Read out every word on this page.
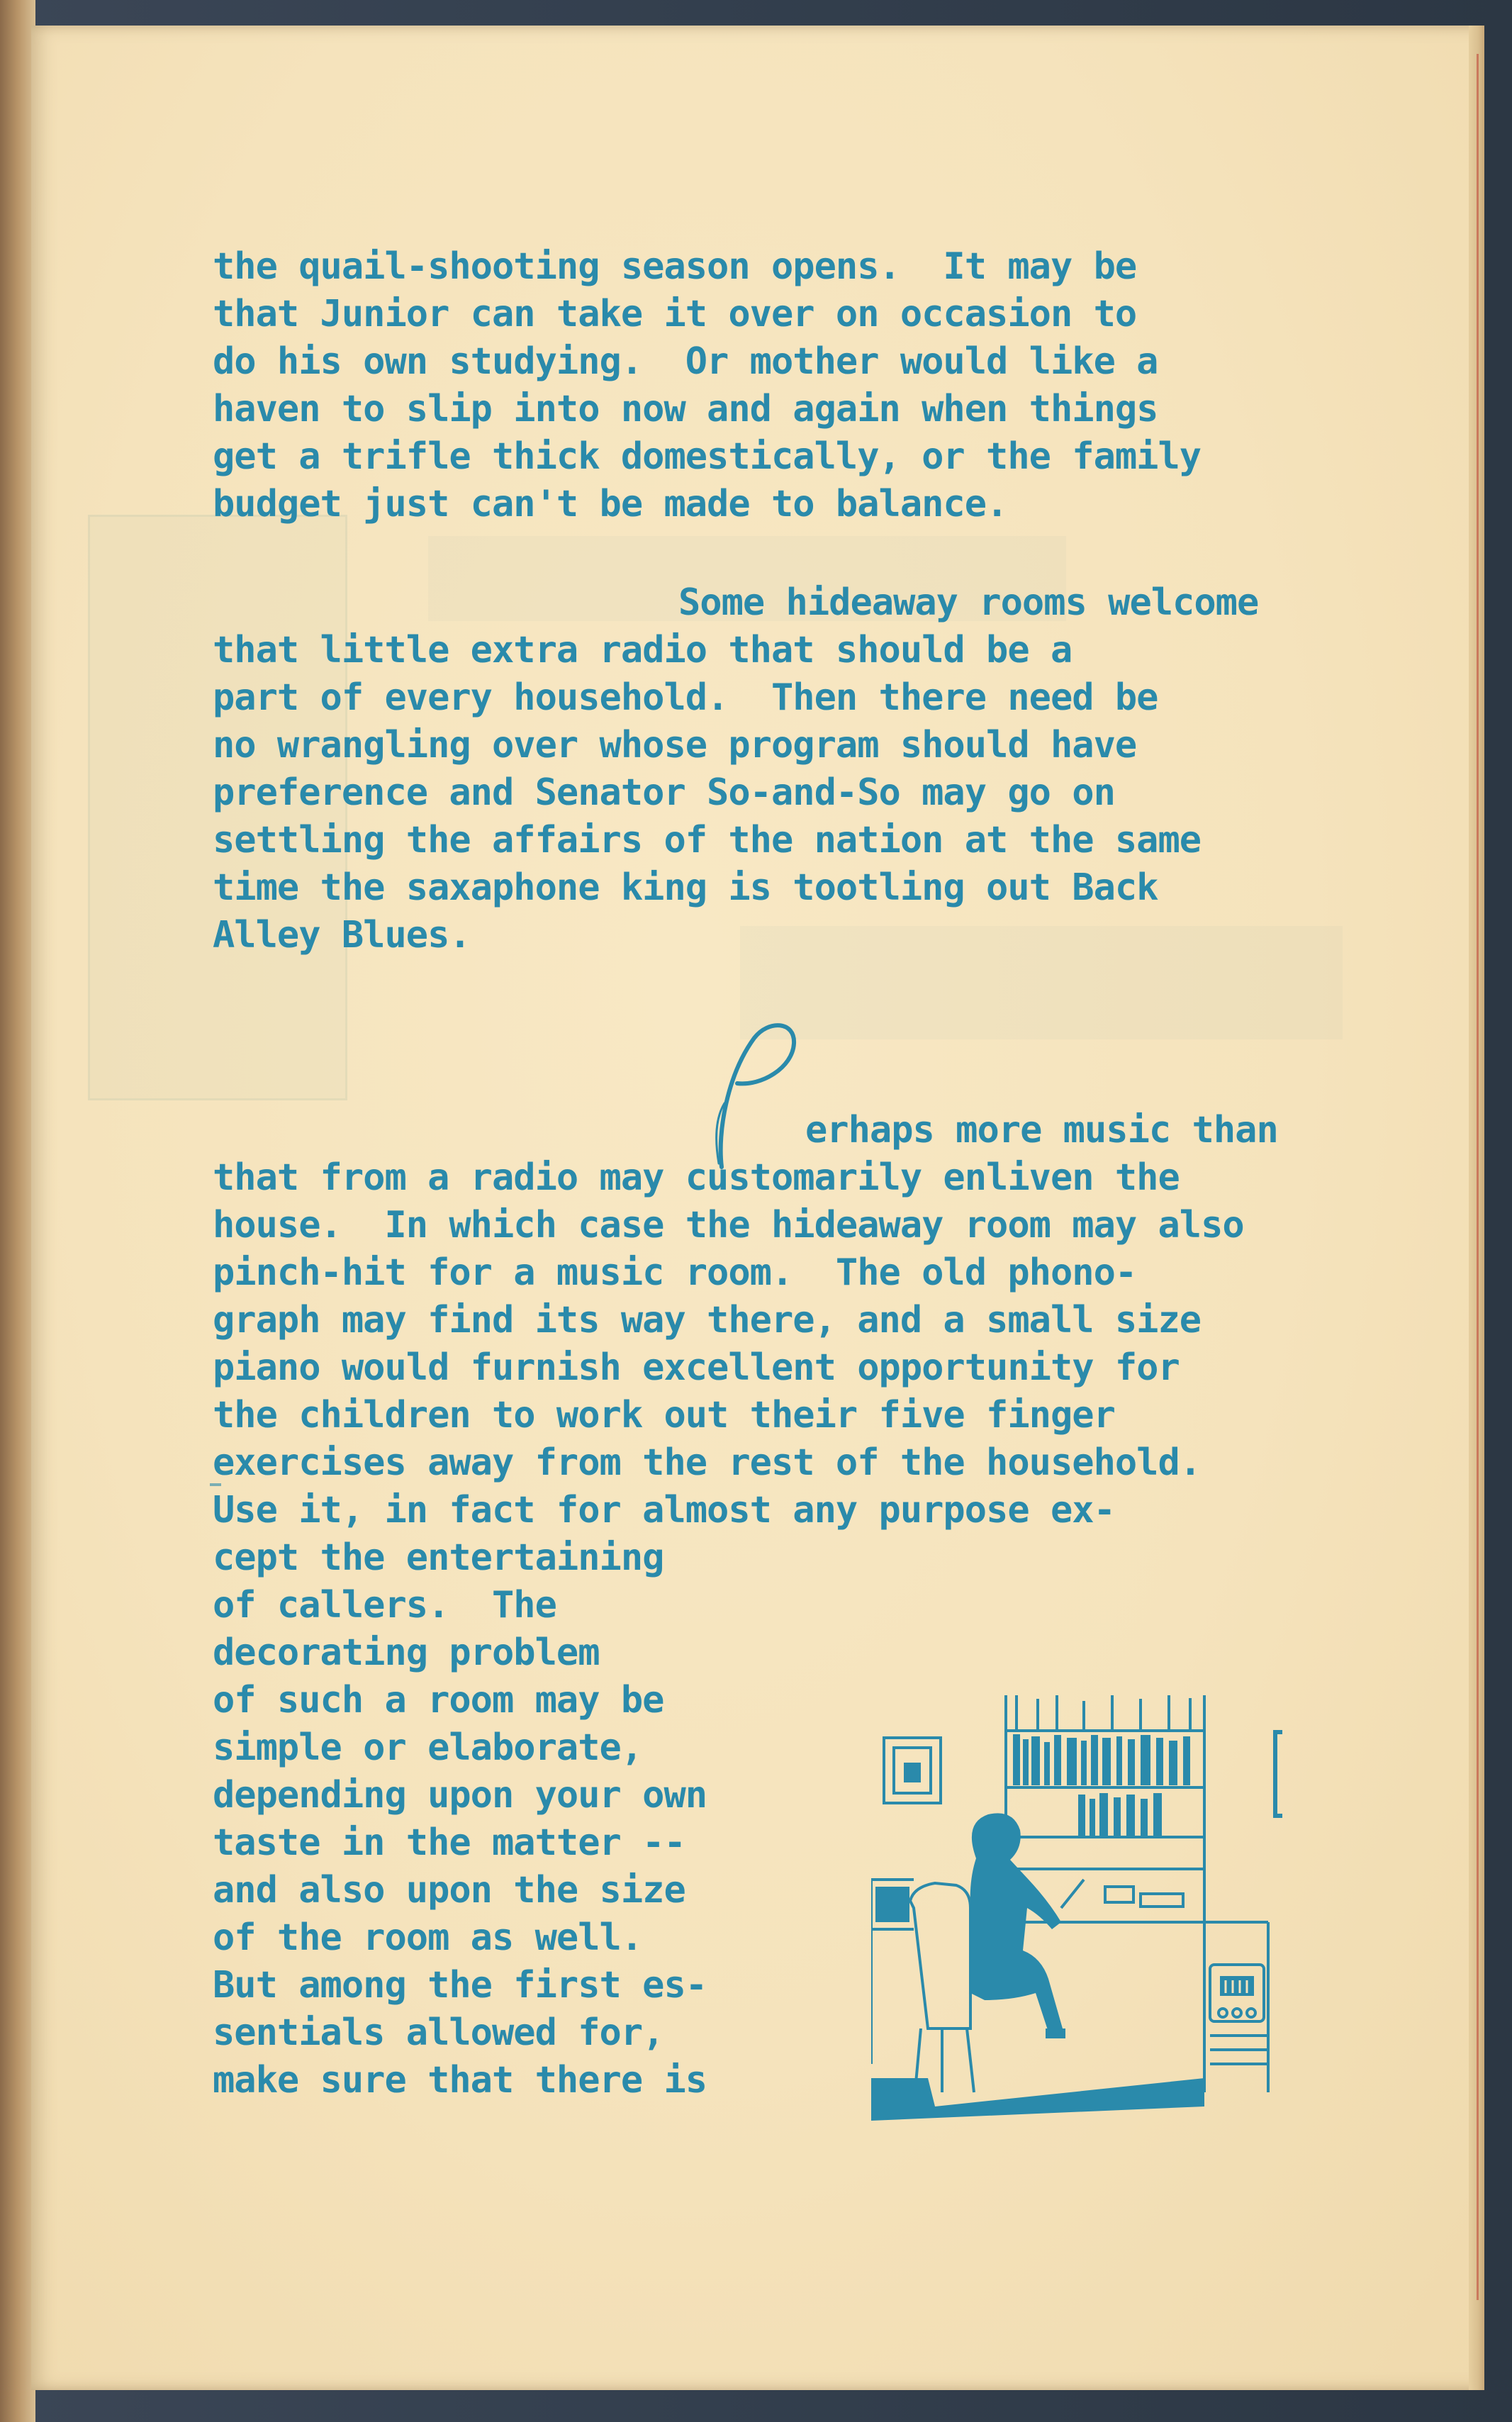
the quail-shooting season opens.  It may be

that Junior can take it over on occasion to

do his own studying.  Or mother would like a

haven to slip into now and again when things

get a trifle thick domestically, or the family

budget just can't be made to balance.

Some hideaway rooms welcome

that little extra radio that should be a

part of every household.  Then there need be

no wrangling over whose program should have

preference and Senator So-and-So may go on

settling the affairs of the nation at the same

time the saxaphone king is tootling out Back

Alley Blues.

erhaps more music than

that from a radio may customarily enliven the

house.  In which case the hideaway room may also

pinch-hit for a music room.  The old phono-

graph may find its way there, and a small size

piano would furnish excellent opportunity for

the children to work out their five finger

exercises away from the rest of the household.

Use it, in fact for almost any purpose ex-

cept the entertaining

of callers.  The

decorating problem

of such a room may be

simple or elaborate,

depending upon your own

taste in the matter --

and also upon the size

of the room as well.

But among the first es-

sentials allowed for,

make sure that there is
